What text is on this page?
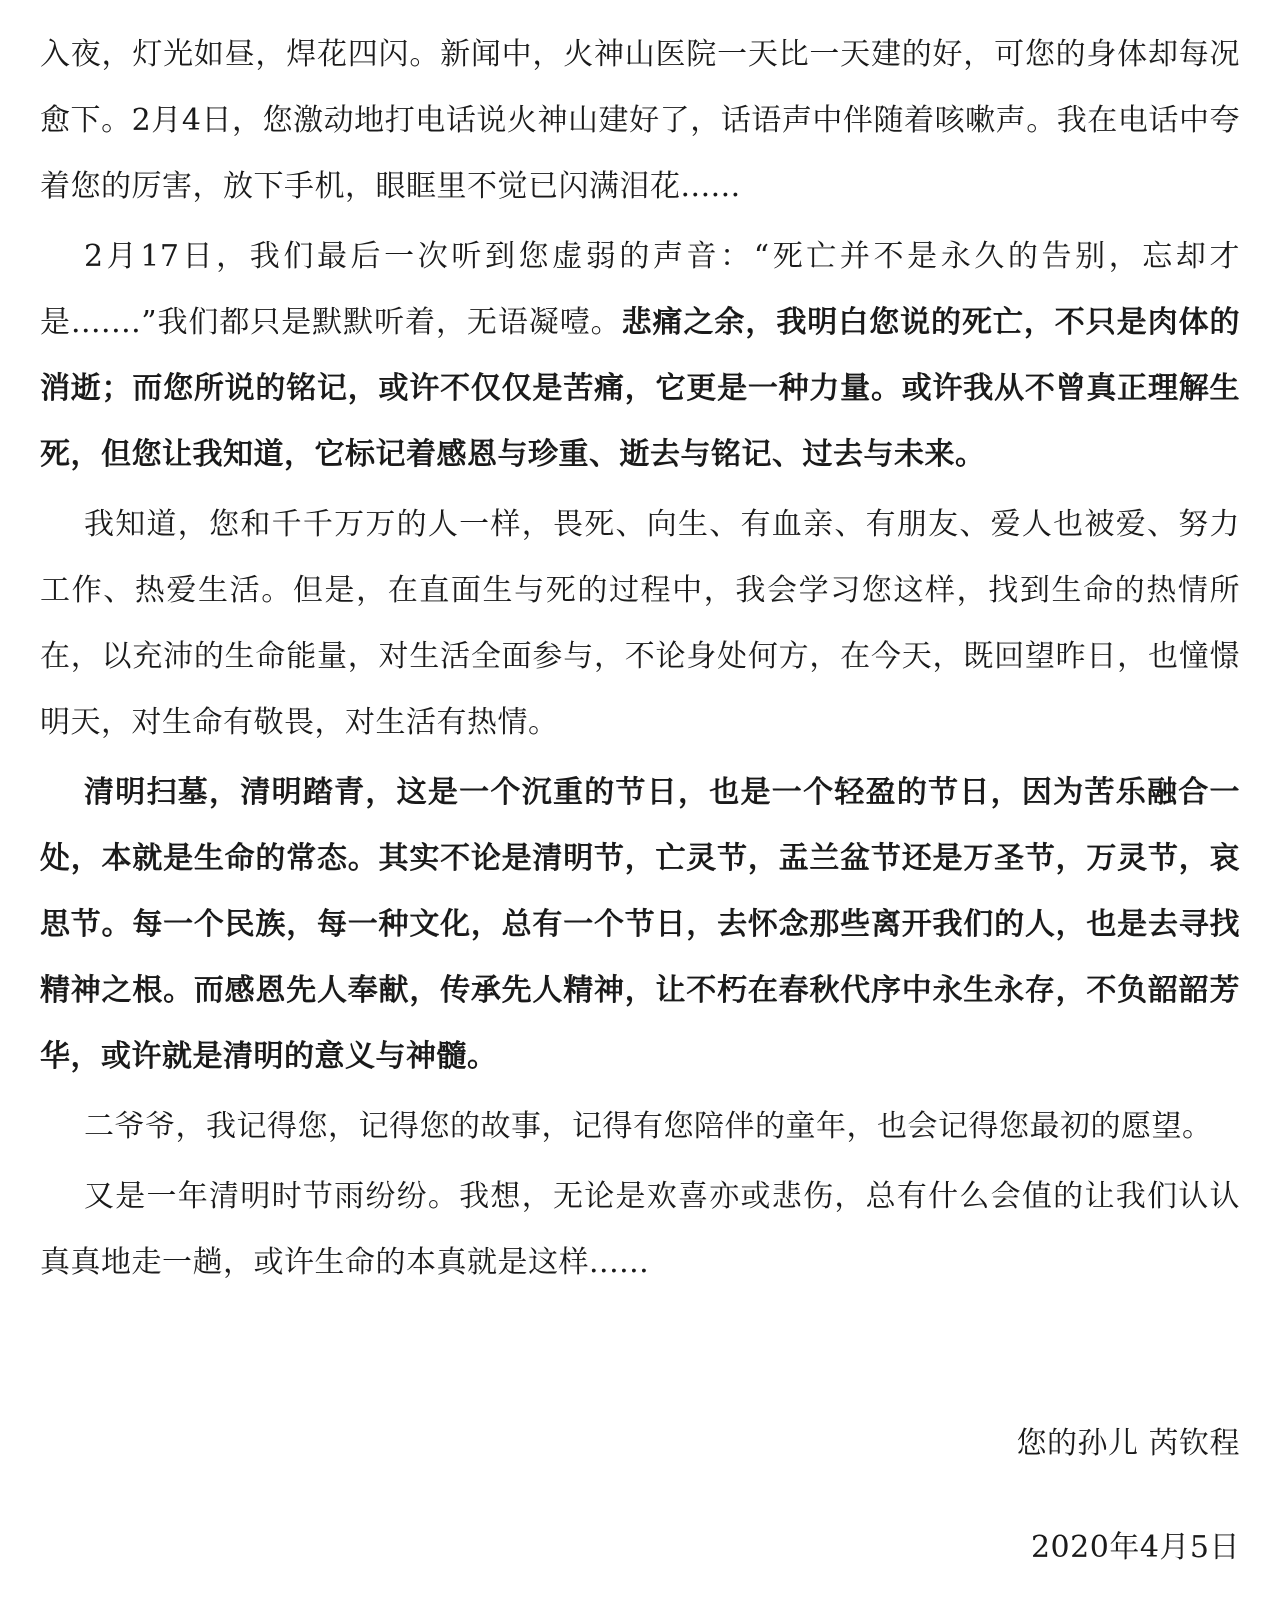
入夜，灯光如昼，焊花四闪。新闻中，火神山医院一天比一天建的好，可您的身体却每况愈下。2月4日，您激动地打电话说火神山建好了，话语声中伴随着咳嗽声。我在电话中夸着您的厉害，放下手机，眼眶里不觉已闪满泪花......

2月17日，我们最后一次听到您虚弱的声音：“死亡并不是永久的告别，忘却才是.......”我们都只是默默听着，无语凝噎。悲痛之余，我明白您说的死亡，不只是肉体的消逝；而您所说的铭记，或许不仅仅是苦痛，它更是一种力量。或许我从不曾真正理解生死，但您让我知道，它标记着感恩与珍重、逝去与铭记、过去与未来。

我知道，您和千千万万的人一样，畏死、向生、有血亲、有朋友、爱人也被爱、努力工作、热爱生活。但是，在直面生与死的过程中，我会学习您这样，找到生命的热情所在，以充沛的生命能量，对生活全面参与，不论身处何方，在今天，既回望昨日，也憧憬明天，对生命有敬畏，对生活有热情。

清明扫墓，清明踏青，这是一个沉重的节日，也是一个轻盈的节日，因为苦乐融合一处，本就是生命的常态。其实不论是清明节，亡灵节，盂兰盆节还是万圣节，万灵节，哀思节。每一个民族，每一种文化，总有一个节日，去怀念那些离开我们的人，也是去寻找精神之根。而感恩先人奉献，传承先人精神，让不朽在春秋代序中永生永存，不负韶韶芳华，或许就是清明的意义与神髓。

二爷爷，我记得您，记得您的故事，记得有您陪伴的童年，也会记得您最初的愿望。

又是一年清明时节雨纷纷。我想，无论是欢喜亦或悲伤，总有什么会值的让我们认认真真地走一趟，或许生命的本真就是这样......

您的孙儿 芮钦程
2020年4月5日
